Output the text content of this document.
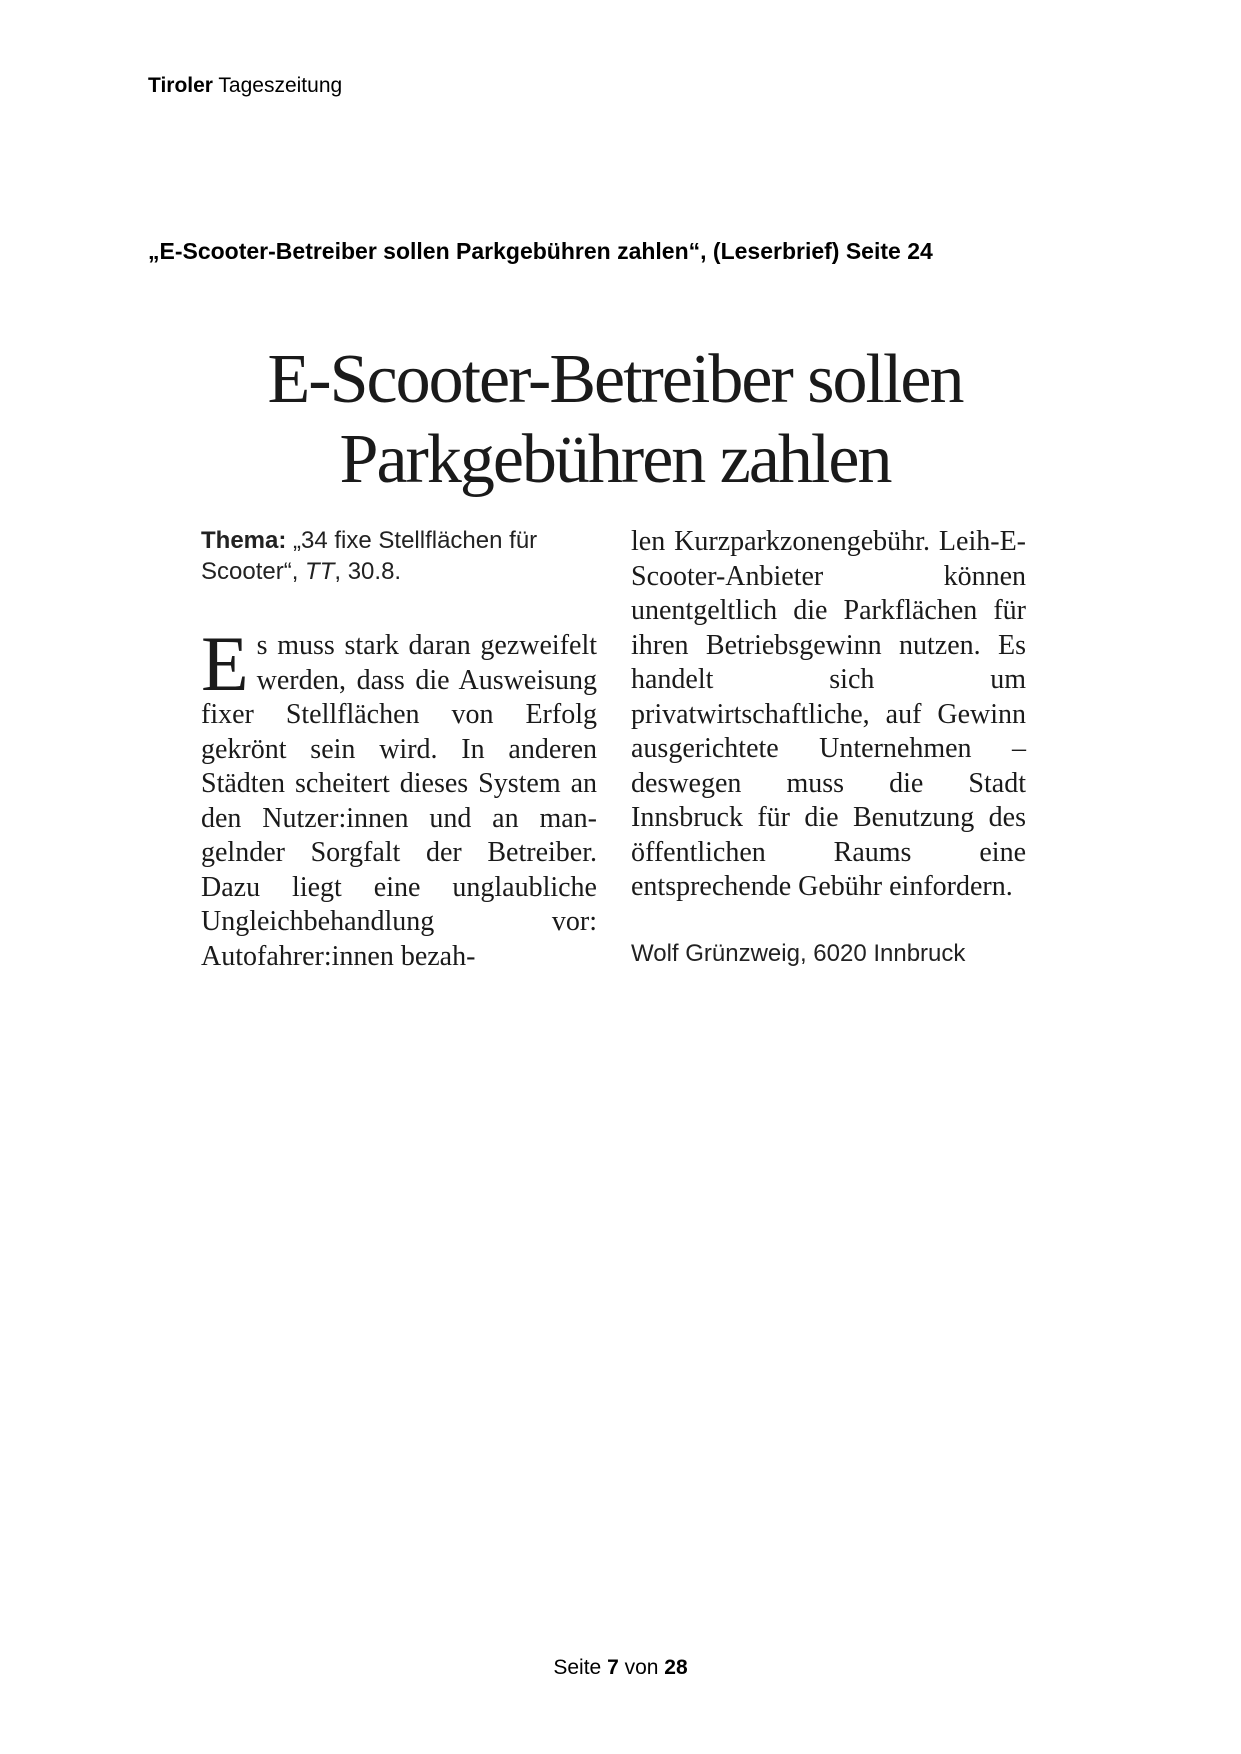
Tiroler Tageszeitung
„E-Scooter-Betreiber sollen Parkgebühren zahlen“, (Leserbrief) Seite 24
E-Scooter-Betreiber sollen Parkgebühren zahlen

Thema: „34 fixe Stellflächen für Scooter“, TT, 30.8.

Es muss stark daran gezweifelt werden, dass die Ausweisung fixer Stellflächen von Erfolg gekrönt sein wird. In anderen Städten scheitert dieses System an den Nutzer:innen und an mangelnder Sorgfalt der Betreiber. Dazu liegt eine unglaubliche Ungleichbehandlung vor: Autofahrer:innen bezah-

len Kurzparkzonengebühr. Leih-E-Scooter-Anbieter können unentgeltlich die Parkflächen für ihren Betriebsgewinn nutzen. Es handelt sich um privatwirtschaftliche, auf Gewinn ausgerichtete Unternehmen – deswegen muss die Stadt Innsbruck für die Benutzung des öffentlichen Raums eine entsprechende Gebühr einfordern.

Wolf Grünzweig, 6020 Innbruck
Seite 7 von 28
